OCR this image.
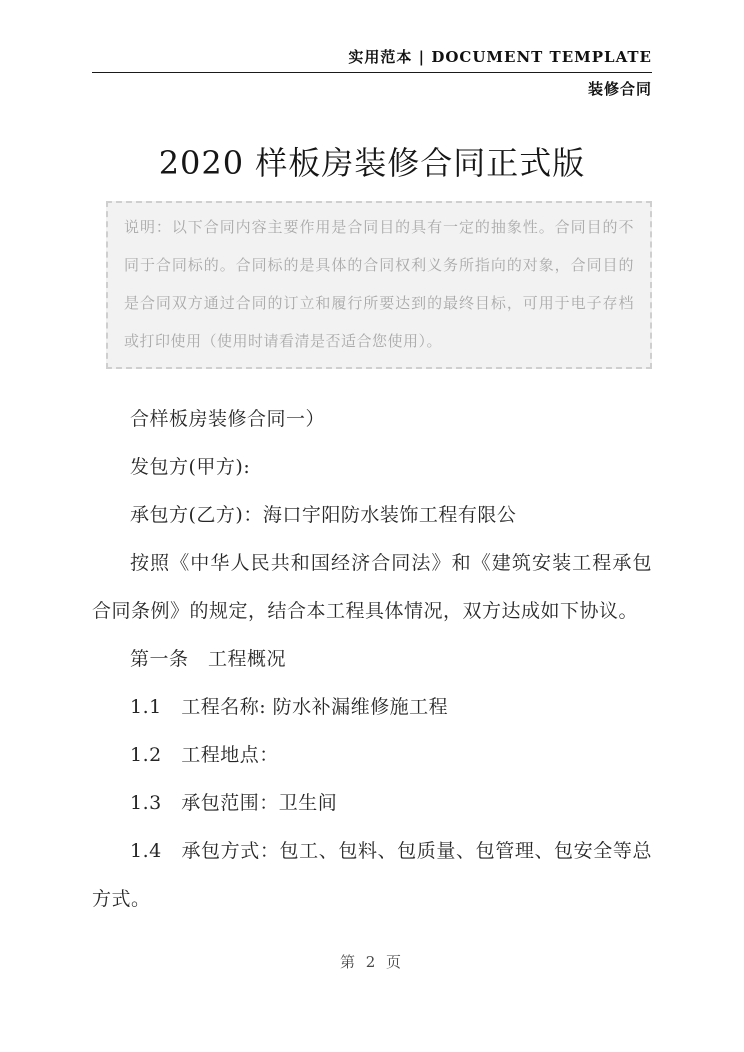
实用范本 | DOCUMENT TEMPLATE
装修合同
2020 样板房装修合同正式版

说明：以下合同内容主要作用是合同目的具有一定的抽象性。合同目的不同于合同标的。合同标的是具体的合同权利义务所指向的对象，合同目的是合同双方通过合同的订立和履行所要达到的最终目标，可用于电子存档或打印使用（使用时请看清是否适合您使用）。

合样板房装修合同一）

发包方(甲方):

承包方(乙方)：海口宇阳防水装饰工程有限公

按照《中华人民共和国经济合同法》和《建筑安装工程承包合同条例》的规定，结合本工程具体情况，双方达成如下协议。

第一条　工程概况

1.1　工程名称: 防水补漏维修施工程

1.2　工程地点：

1.3　承包范围：卫生间

1.4　承包方式：包工、包料、包质量、包管理、包安全等总方式。

第 2 页
